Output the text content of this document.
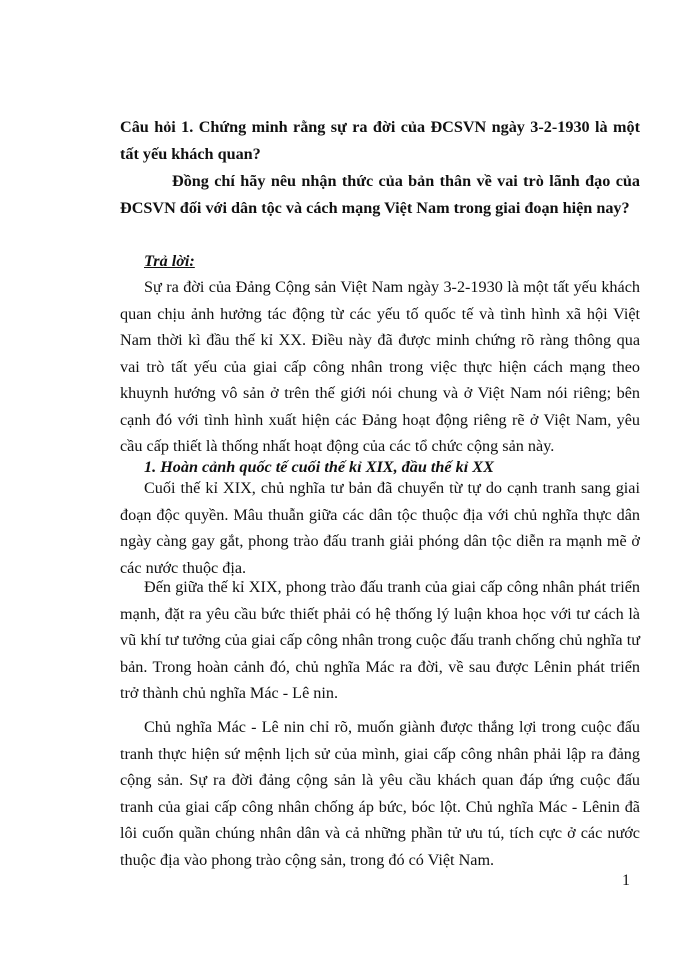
Câu hỏi 1. Chứng minh rằng sự ra đời của ĐCSVN ngày 3-2-1930 là một tất yếu khách quan?
Đồng chí hãy nêu nhận thức của bản thân về vai trò lãnh đạo của ĐCSVN đối với dân tộc và cách mạng Việt Nam trong giai đoạn hiện nay?
Trả lời:
Sự ra đời của Đảng Cộng sản Việt Nam ngày 3-2-1930 là một tất yếu khách quan chịu ảnh hưởng tác động từ các yếu tố quốc tế và tình hình xã hội Việt Nam thời kì đầu thế kỉ XX. Điều này đã được minh chứng rõ ràng thông qua vai trò tất yếu của giai cấp công nhân trong việc thực hiện cách mạng theo khuynh hướng vô sản ở trên thế giới nói chung và ở Việt Nam nói riêng; bên cạnh đó với tình hình xuất hiện các Đảng hoạt động riêng rẽ ở Việt Nam, yêu cầu cấp thiết là thống nhất hoạt động của các tổ chức cộng sản này.
1. Hoàn cảnh quốc tế cuối thế kỉ XIX, đầu thế kỉ XX
Cuối thế kỉ XIX, chủ nghĩa tư bản đã chuyển từ tự do cạnh tranh sang giai đoạn độc quyền. Mâu thuẫn giữa các dân tộc thuộc địa với chủ nghĩa thực dân ngày càng gay gắt, phong trào đấu tranh giải phóng dân tộc diễn ra mạnh mẽ ở các nước thuộc địa.
Đến giữa thế kỉ XIX, phong trào đấu tranh của giai cấp công nhân phát triển mạnh, đặt ra yêu cầu bức thiết phải có hệ thống lý luận khoa học với tư cách là vũ khí tư tưởng của giai cấp công nhân trong cuộc đấu tranh chống chủ nghĩa tư bản. Trong hoàn cảnh đó, chủ nghĩa Mác ra đời, về sau được Lênin phát triển trở thành chủ nghĩa Mác - Lê nin.
Chủ nghĩa Mác - Lê nin chỉ rõ, muốn giành được thắng lợi trong cuộc đấu tranh thực hiện sứ mệnh lịch sử của mình, giai cấp công nhân phải lập ra đảng cộng sản. Sự ra đời đảng cộng sản là yêu cầu khách quan đáp ứng cuộc đấu tranh của giai cấp công nhân chống áp bức, bóc lột. Chủ nghĩa Mác - Lênin đã lôi cuốn quần chúng nhân dân và cả những phần tử ưu tú, tích cực ở các nước thuộc địa vào phong trào cộng sản, trong đó có Việt Nam.
1
